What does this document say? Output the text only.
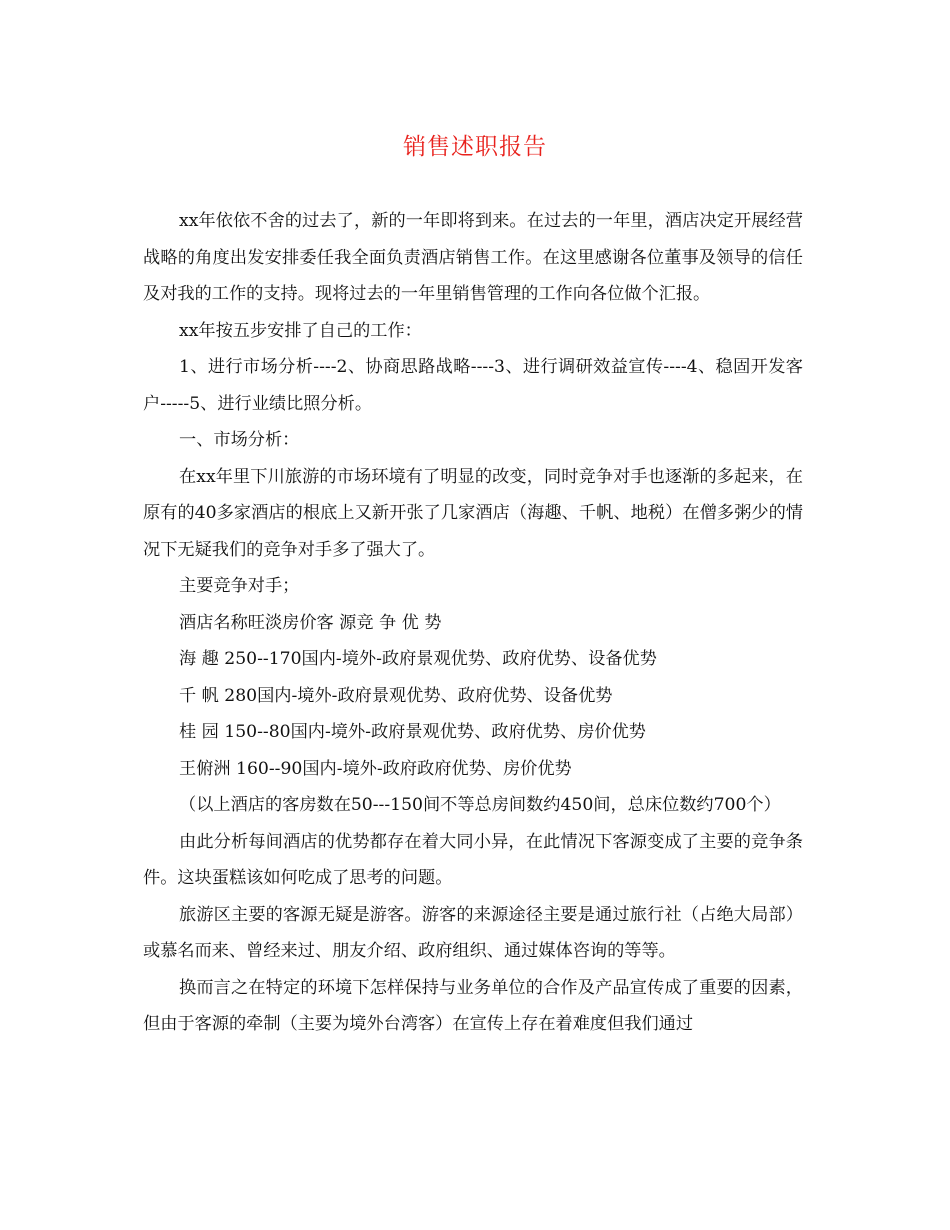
销售述职报告

xx年依依不舍的过去了，新的一年即将到来。在过去的一年里，酒店决定开展经营战略的角度出发安排委任我全面负责酒店销售工作。在这里感谢各位董事及领导的信任及对我的工作的支持。现将过去的一年里销售管理的工作向各位做个汇报。

xx年按五步安排了自己的工作：

1、进行市场分析----2、协商思路战略----3、进行调研效益宣传----4、稳固开发客户-----5、进行业绩比照分析。

一、市场分析：

在xx年里下川旅游的市场环境有了明显的改变，同时竞争对手也逐渐的多起来，在原有的40多家酒店的根底上又新开张了几家酒店（海趣、千帆、地税）在僧多粥少的情况下无疑我们的竞争对手多了强大了。

主要竞争对手；

酒店名称旺淡房价客 源竞 争 优 势

海 趣 250--170国内-境外-政府景观优势、政府优势、设备优势

千 帆 280国内-境外-政府景观优势、政府优势、设备优势

桂 园 150--80国内-境外-政府景观优势、政府优势、房价优势

王俯洲 160--90国内-境外-政府政府优势、房价优势

（以上酒店的客房数在50---150间不等总房间数约450间，总床位数约700个）

由此分析每间酒店的优势都存在着大同小异，在此情况下客源变成了主要的竞争条件。这块蛋糕该如何吃成了思考的问题。

旅游区主要的客源无疑是游客。游客的来源途径主要是通过旅行社（占绝大局部）或慕名而来、曾经来过、朋友介绍、政府组织、通过媒体咨询的等等。

换而言之在特定的环境下怎样保持与业务单位的合作及产品宣传成了重要的因素，但由于客源的牵制（主要为境外台湾客）在宣传上存在着难度但我们通过
